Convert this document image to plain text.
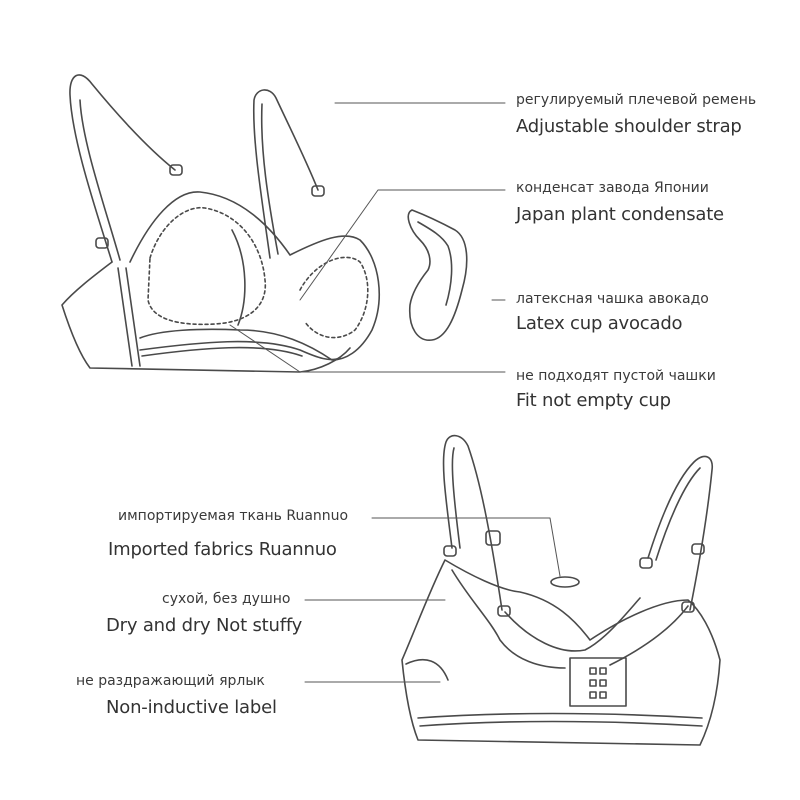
регулируемый плечевой ремень
Adjustable shoulder strap
конденсат завода Японии
Japan plant condensate
латексная чашка авокадо
Latex cup avocado
не подходят пустой чашки
Fit not empty cup
импортируемая ткань Ruannuo
Imported fabrics Ruannuo
сухой, без душно
Dry and dry Not stuffy
не раздражающий ярлык
Non-inductive label
